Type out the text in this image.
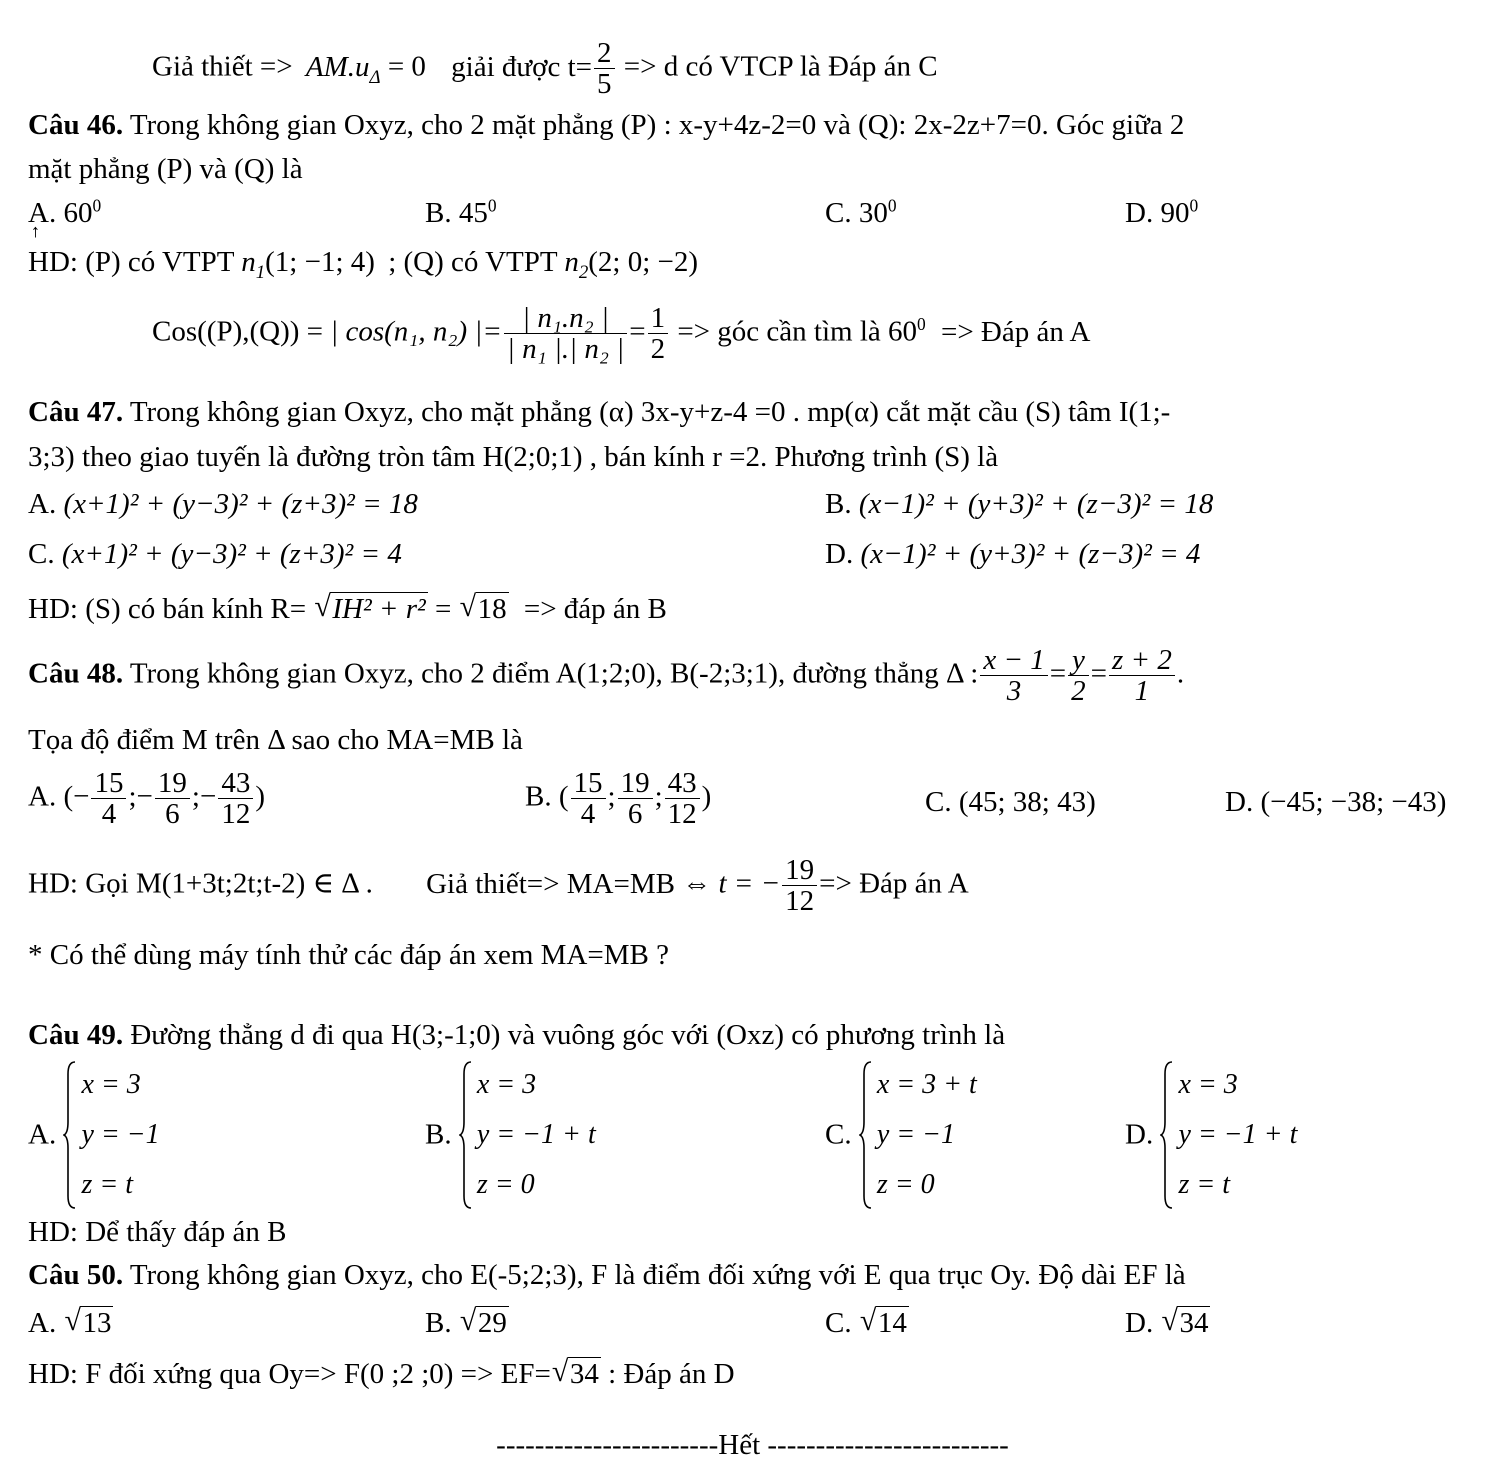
Giả thiết => $AM.u_\Delta = 0$ giải được $t= \frac{2}{5} => d$ có VTCP là Đáp án C
Câu 46. Trong không gian Oxyz, cho 2 mặt phẳng (P) : x-y+4z-2=0 và (Q): 2x-2z+7=0. Góc giữa 2
mặt phẳng (P) và (Q) là
A. $60^0$	B. $45^0$	C. $30^0$	D. $90^0$
HD: (P) có VTPT ↑ $n_1(1$; −1; 4) ; (Q) có VTPT ↑ $n_2(2$; 0; −2)
Cos((P),(Q)) = | cos(n₁, n₂) |= $\frac{\text{| n₁.n₂ |}}{\text{| n₁ |.| n₂ |}} = \frac{1}{2}$ => góc cần tìm là $60^0$ => Đáp án A
Câu 47. Trong không gian Oxyz, cho mặt phẳng (α) 3x-y+z-4 =0 . mp(α) cắt mặt cầu (S) tâm I(1;-
3;3) theo giao tuyến là đường tròn tâm H(2;0;1) , bán kính r =2. Phương trình (S) là
A. (x+1)² + (y−3)² + (z+3)² = 18	B. (x−1)² + (y+3)² + (z−3)² = 18
C. (x+1)² + (y−3)² + (z+3)² = 4	D. (x−1)² + (y+3)² + (z−3)² = 4
HD: (S) có bán kính R= √ IH² + r² = √ 18 => đáp án B
Câu 48. Trong không gian Oxyz, cho 2 điểm A(1;2;0), B(-2;3;1), đường thẳng Δ : $\frac{x - 1}{3} = \frac{y}{2} = \frac{z + 2}{1}$ .
Tọa độ điểm M trên Δ sao cho MA=MB là
A. (− $\frac{15}{4}$ ;− $\frac{19}{6}$ ;− $\frac{43}{12}$ )	B. ( $\frac{15}{4}$ ; $\frac{19}{6}$ ; $\frac{43}{12}$ )	C. (45; 38; 43)	D. (−45; −38; −43)
HD: Gọi M(1+3t;2t;t-2) ∈ Δ . Giả thiết=> MA=MB ⇔ t = − $\frac{19}{12}$ => Đáp án A
* Có thể dùng máy tính thử các đáp án xem MA=MB ?
Câu 49. Đường thẳng d đi qua H(3;-1;0) và vuông góc với (Oxz) có phương trình là
A.
x = 3
y = −1
z = t
B.
x = 3
y = −1 + t
z = 0
C.
x = 3 + t
y = −1
z = 0
D.
x = 3
y = −1 + t
z = t
HD: Dể thấy đáp án B
Câu 50. Trong không gian Oxyz, cho E(-5;2;3), F là điểm đối xứng với E qua trục Oy. Độ dài EF là
A. √ 13	B. √ 29	C. √ 14	D. √ 34
HD: F đối xứng qua Oy=> F(0 ;2 ;0) => EF= √ 34 : Đáp án D
-----------------------Hết -------------------------
